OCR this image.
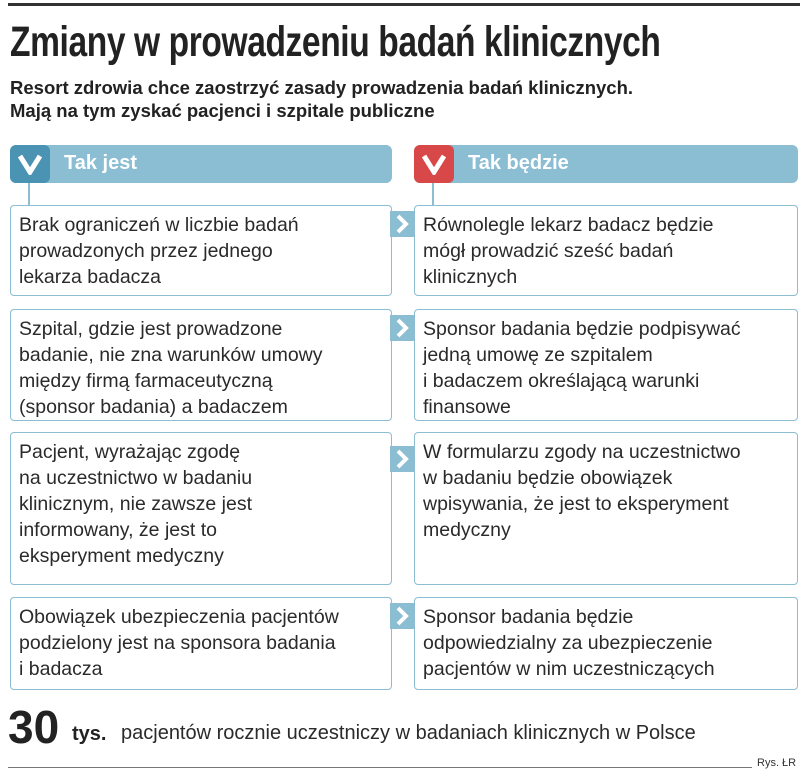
Zmiany w prowadzeniu badań klinicznych
Resort zdrowia chce zaostrzyć zasady prowadzenia badań klinicznych.
Mają na tym zyskać pacjenci i szpitale publiczne
Tak jest	Tak będzie
Brak ograniczeń w liczbie badań
prowadzonych przez jednego
lekarza badacza
Równolegle lekarz badacz będzie
mógł prowadzić sześć badań
klinicznych
Szpital, gdzie jest prowadzone
badanie, nie zna warunków umowy
między firmą farmaceutyczną
(sponsor badania) a badaczem
Sponsor badania będzie podpisywać
jedną umowę ze szpitalem
i badaczem określającą warunki
finansowe
Pacjent, wyrażając zgodę
na uczestnictwo w badaniu
klinicznym, nie zawsze jest
informowany, że jest to
eksperyment medyczny
W formularzu zgody na uczestnictwo
w badaniu będzie obowiązek
wpisywania, że jest to eksperyment
medyczny
Obowiązek ubezpieczenia pacjentów
podzielony jest na sponsora badania
i badacza
Sponsor badania będzie
odpowiedzialny za ubezpieczenie
pacjentów w nim uczestniczących
30 tys. pacjentów rocznie uczestniczy w badaniach klinicznych w Polsce
Rys. ŁR
